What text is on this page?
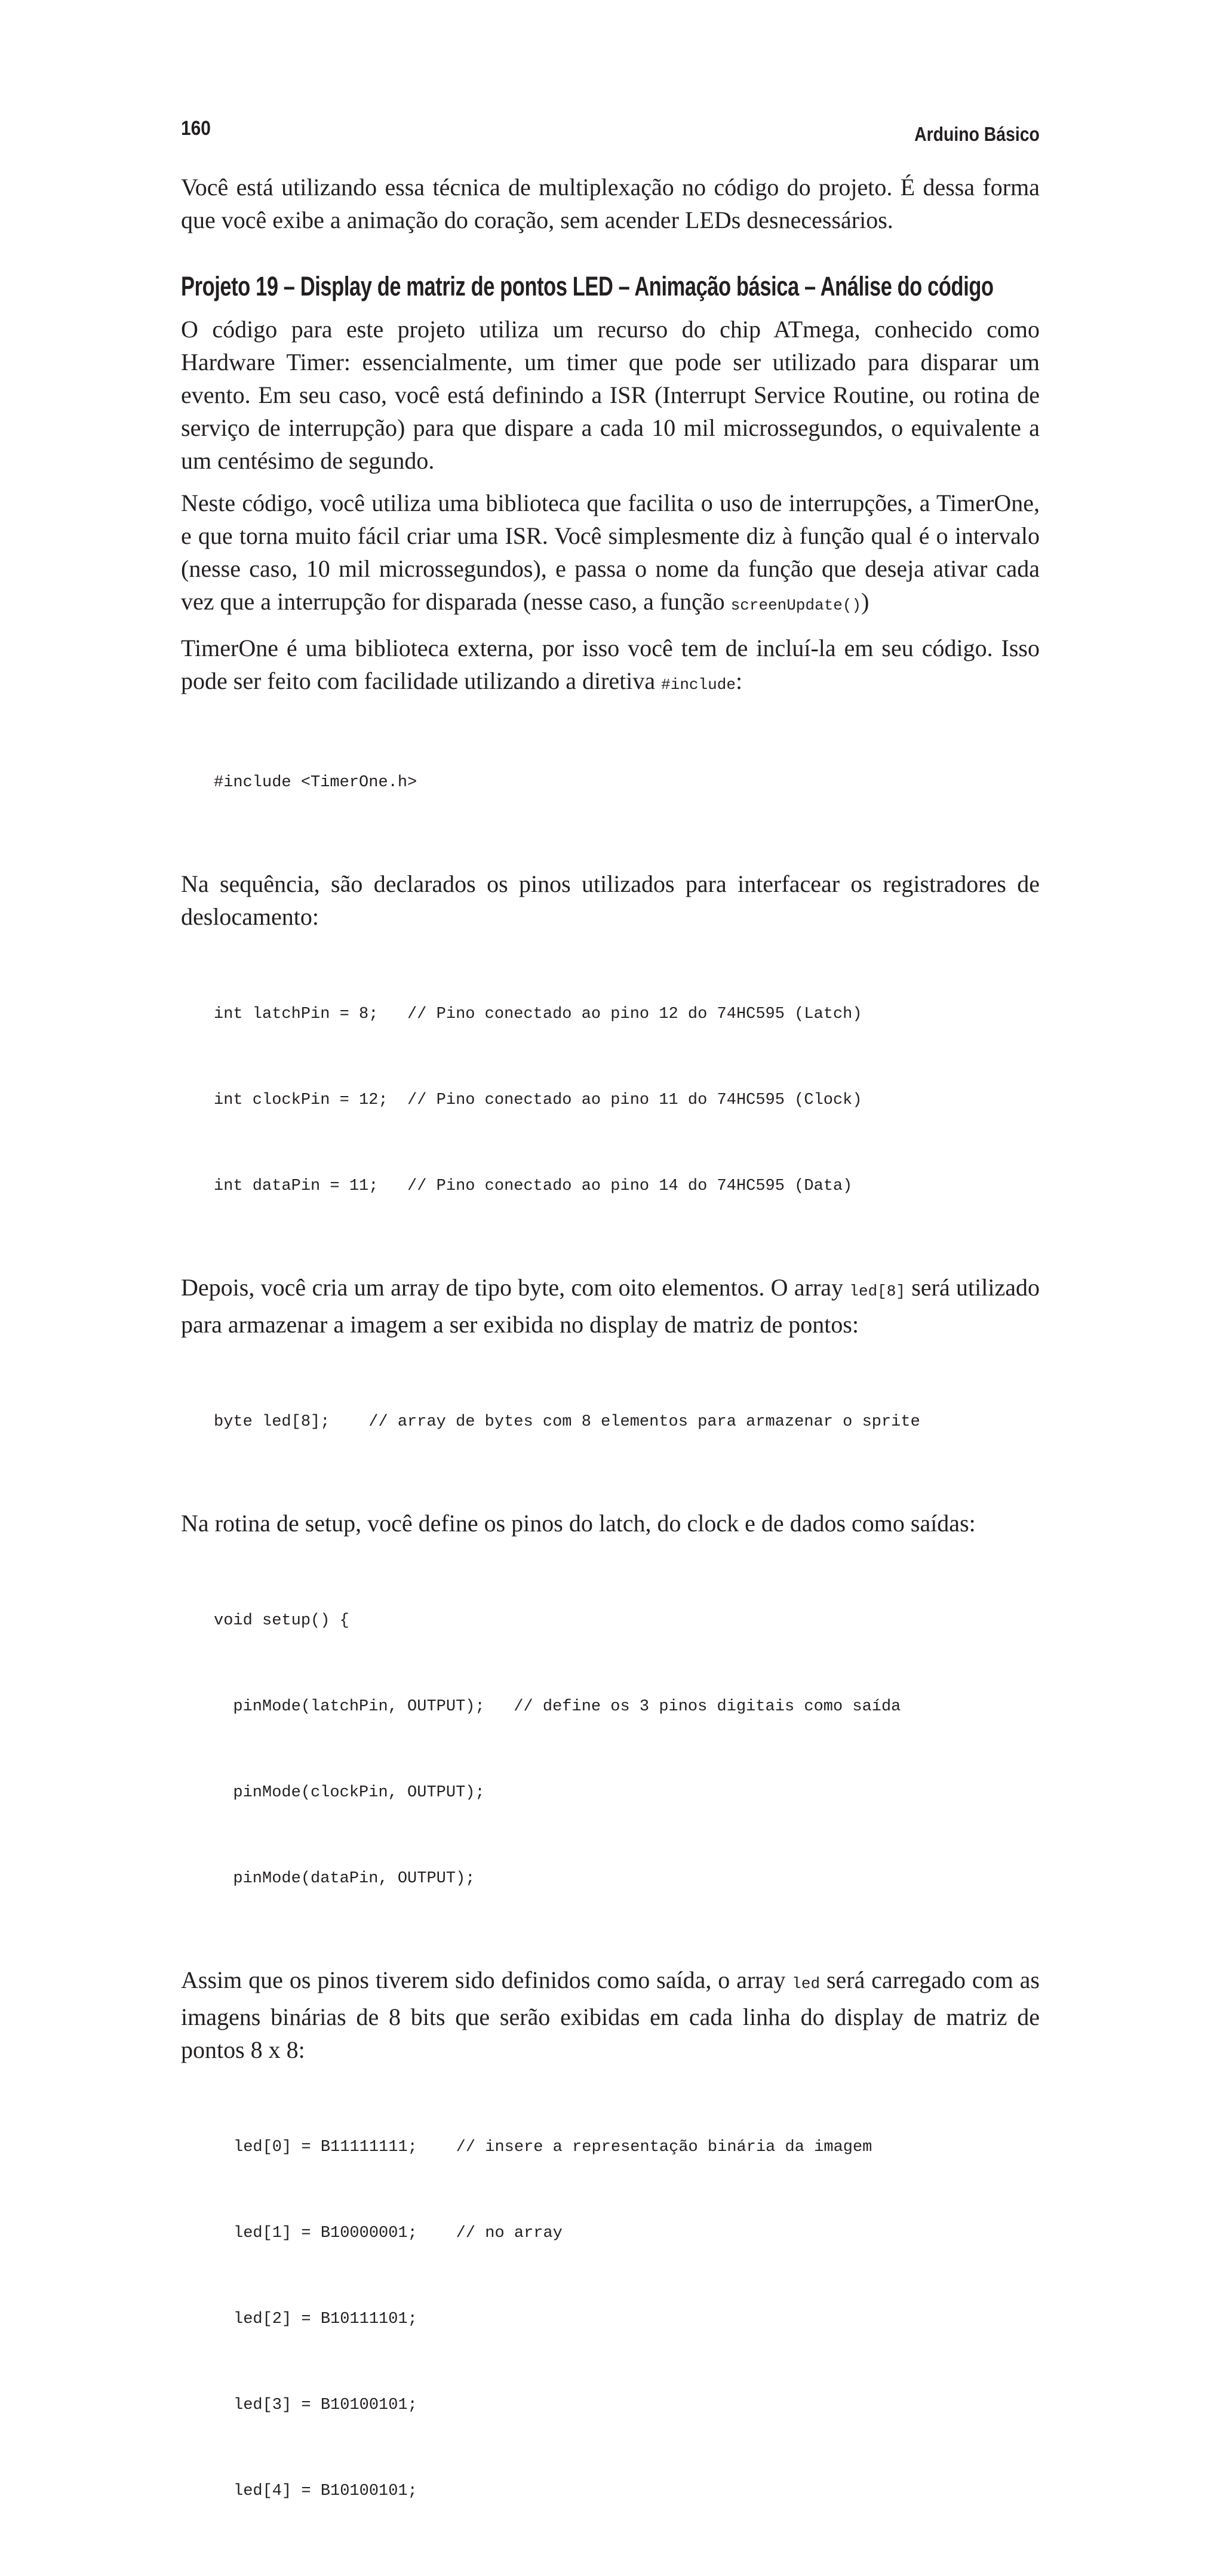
160	Arduino Básico

Você está utilizando essa técnica de multiplexação no código do projeto. É dessa forma que você exibe a animação do coração, sem acender LEDs desnecessários.

Projeto 19 – Display de matriz de pontos LED – Animação básica – Análise do código

O código para este projeto utiliza um recurso do chip ATmega, conhecido como Hardware Timer: essencialmente, um timer que pode ser utilizado para disparar um evento. Em seu caso, você está definindo a ISR (Interrupt Service Routine, ou rotina de serviço de interrupção) para que dispare a cada 10 mil microssegundos, o equivalente a um centésimo de segundo.

Neste código, você utiliza uma biblioteca que facilita o uso de interrupções, a TimerOne, e que torna muito fácil criar uma ISR. Você simplesmente diz à função qual é o intervalo (nesse caso, 10 mil microssegundos), e passa o nome da função que deseja ativar cada vez que a interrupção for disparada (nesse caso, a função screenUpdate())

TimerOne é uma biblioteca externa, por isso você tem de incluí-la em seu código. Isso pode ser feito com facilidade utilizando a diretiva #include:

#include <TimerOne.h>

Na sequência, são declarados os pinos utilizados para interfacear os registradores de deslocamento:

int latchPin = 8;   // Pino conectado ao pino 12 do 74HC595 (Latch)

int clockPin = 12;  // Pino conectado ao pino 11 do 74HC595 (Clock)

int dataPin = 11;   // Pino conectado ao pino 14 do 74HC595 (Data)

Depois, você cria um array de tipo byte, com oito elementos. O array led[8] será utilizado para armazenar a imagem a ser exibida no display de matriz de pontos:

byte led[8];    // array de bytes com 8 elementos para armazenar o sprite

Na rotina de setup, você define os pinos do latch, do clock e de dados como saídas:

void setup() {

pinMode(latchPin, OUTPUT);   // define os 3 pinos digitais como saída

pinMode(clockPin, OUTPUT);

pinMode(dataPin, OUTPUT);

Assim que os pinos tiverem sido definidos como saída, o array led será carregado com as imagens binárias de 8 bits que serão exibidas em cada linha do display de matriz de pontos 8 x 8:

led[0] = B11111111;    // insere a representação binária da imagem

led[1] = B10000001;    // no array

led[2] = B10111101;

led[3] = B10100101;

led[4] = B10100101;
